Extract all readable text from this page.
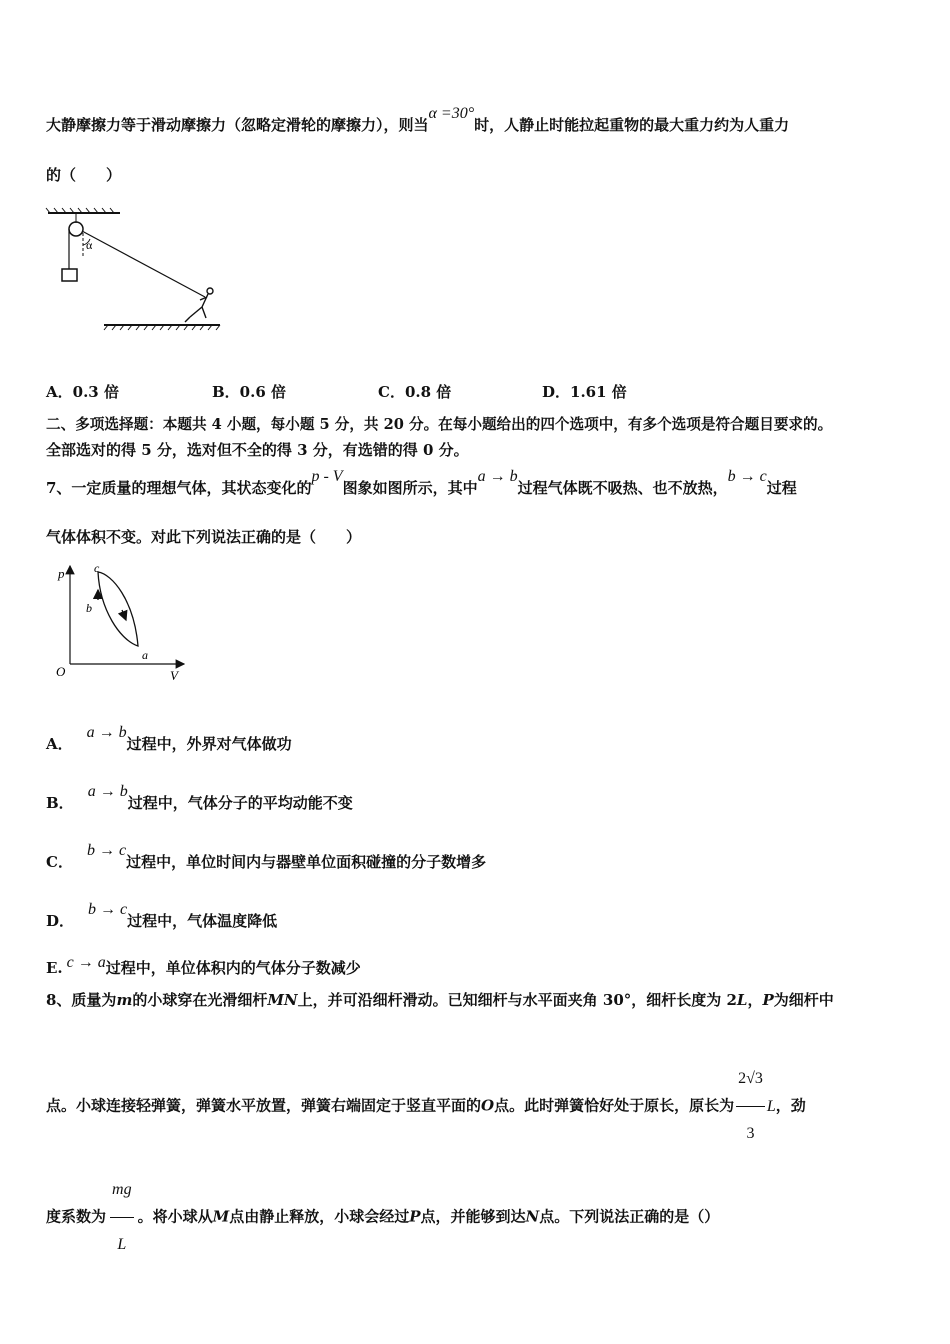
大静摩擦力等于滑动摩擦力（忽略定滑轮的摩擦力），则当α =30°时，人静止时能拉起重物的最大重力约为人重力
的（　　）
α
A．0.3 倍	B．0.6 倍	C．0.8 倍	D．1.61 倍
二、多项选择题：本题共 4 小题，每小题 5 分，共 20 分。在每小题给出的四个选项中，有多个选项是符合题目要求的。
全部选对的得 5 分，选对但不全的得 3 分，有选错的得 0 分。
7、一定质量的理想气体，其状态变化的p - V图象如图所示，其中a → b过程气体既不吸热、也不放热，b → c过程
气体体积不变。对此下列说法正确的是（　　）
p
V
O
c
b
a
A．a → b过程中，外界对气体做功
B．a → b过程中，气体分子的平均动能不变
C．b → c过程中，单位时间内与器壁单位面积碰撞的分子数增多
D．b → c过程中，气体温度降低
E. c → a过程中，单位体积内的气体分子数减少
8、质量为m的小球穿在光滑细杆MN上，并可沿细杆滑动。已知细杆与水平面夹角 30°，细杆长度为 2L，P为细杆中
点。小球连接轻弹簧，弹簧水平放置，弹簧右端固定于竖直平面的O点。此时弹簧恰好处于原长，原长为 $\frac{2√3}{3}$ L，劲
度系数为 $\frac{mg}{L}$ 。将小球从M点由静止释放，小球会经过P点，并能够到达N点。下列说法正确的是（）
